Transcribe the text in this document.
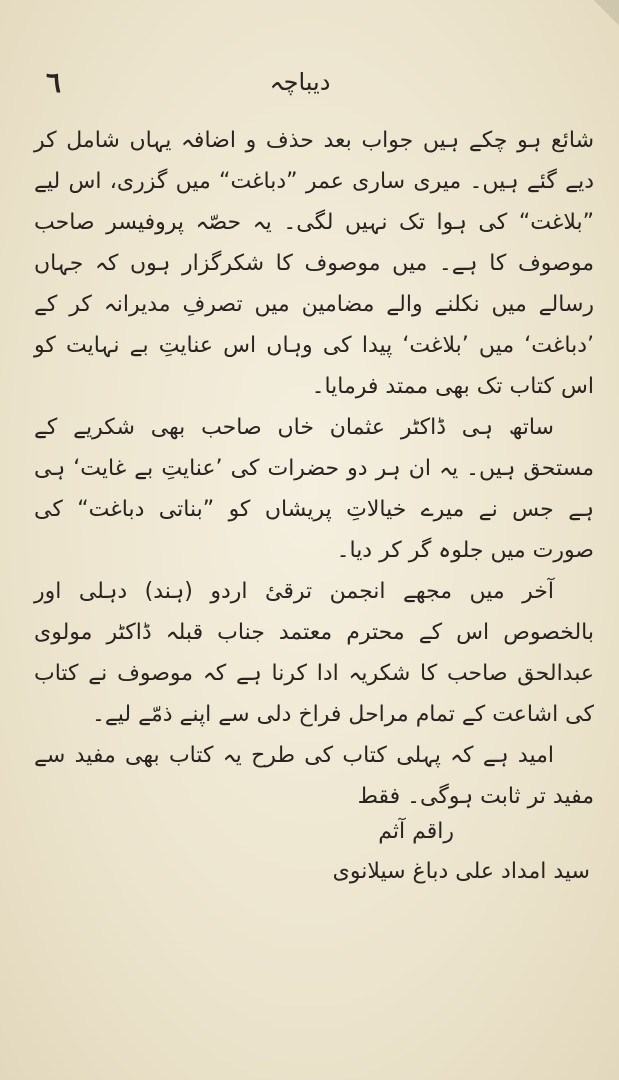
٦	دیباچہ

شائع ہو چکے ہیں جواب بعد حذف و اضافہ یہاں شامل کر دیے گئے ہیں۔ میری ساری عمر ”دباغت“ میں گزری، اس لیے ”بلاغت“ کی ہوا تک نہیں لگی۔ یہ حصّہ پروفیسر صاحب موصوف کا ہے۔ میں موصوف کا شکرگزار ہوں کہ جہاں رسالے میں نکلنے والے مضامین میں تصرفِ مدیرانہ کر کے ’دباغت‘ میں ’بلاغت‘ پیدا کی وہاں اس عنایتِ بے نہایت کو اس کتاب تک بھی ممتد فرمایا۔

ساتھ ہی ڈاکٹر عثمان خاں صاحب بھی شکریے کے مستحق ہیں۔ یہ ان ہر دو حضرات کی ’عنایتِ بے غایت‘ ہی ہے جس نے میرے خیالاتِ پریشاں کو ”بناتی دباغت“ کی صورت میں جلوہ گر کر دیا۔

آخر میں مجھے انجمن ترقیٔ اردو (ہند) دہلی اور بالخصوص اس کے محترم معتمد جناب قبلہ ڈاکٹر مولوی عبدالحق صاحب کا شکریہ ادا کرنا ہے کہ موصوف نے کتاب کی اشاعت کے تمام مراحل فراخ دلی سے اپنے ذمّے لیے۔

امید ہے کہ پہلی کتاب کی طرح یہ کتاب بھی مفید سے مفید تر ثابت ہوگی۔ فقط

راقم آثم
سید امداد علی دباغ سیلانوی
